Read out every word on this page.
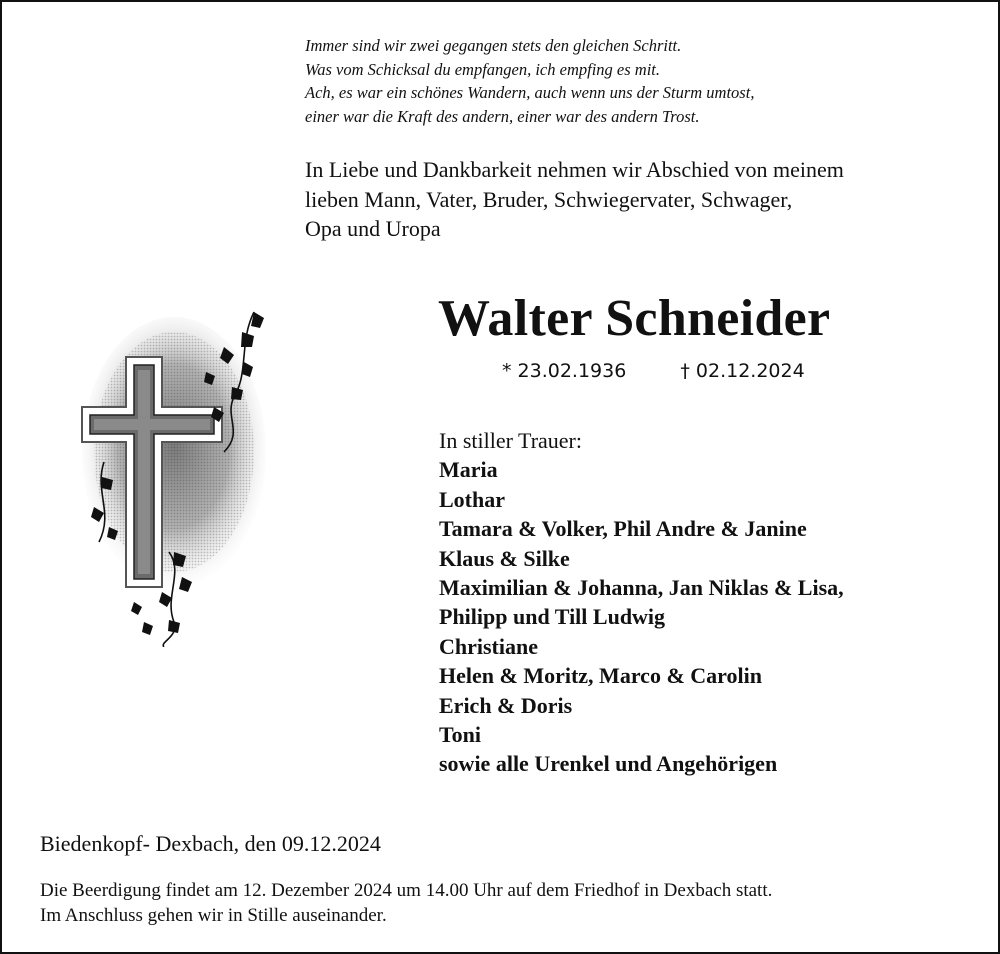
Immer sind wir zwei gegangen stets den gleichen Schritt.
Was vom Schicksal du empfangen, ich empfing es mit.
Ach, es war ein schönes Wandern, auch wenn uns der Sturm umtost,
einer war die Kraft des andern, einer war des andern Trost.
In Liebe und Dankbarkeit nehmen wir Abschied von meinem
lieben Mann, Vater, Bruder, Schwiegervater, Schwager,
Opa und Uropa
Walter Schneider
* 23.02.1936	† 02.12.2024
In stiller Trauer:
Maria
Lothar
Tamara & Volker, Phil Andre & Janine
Klaus & Silke
Maximilian & Johanna, Jan Niklas & Lisa,
Philipp und Till Ludwig
Christiane
Helen & Moritz, Marco & Carolin
Erich & Doris
Toni
sowie alle Urenkel und Angehörigen
Biedenkopf- Dexbach, den 09.12.2024
Die Beerdigung findet am 12. Dezember 2024 um 14.00 Uhr auf dem Friedhof in Dexbach statt.
Im Anschluss gehen wir in Stille auseinander.
